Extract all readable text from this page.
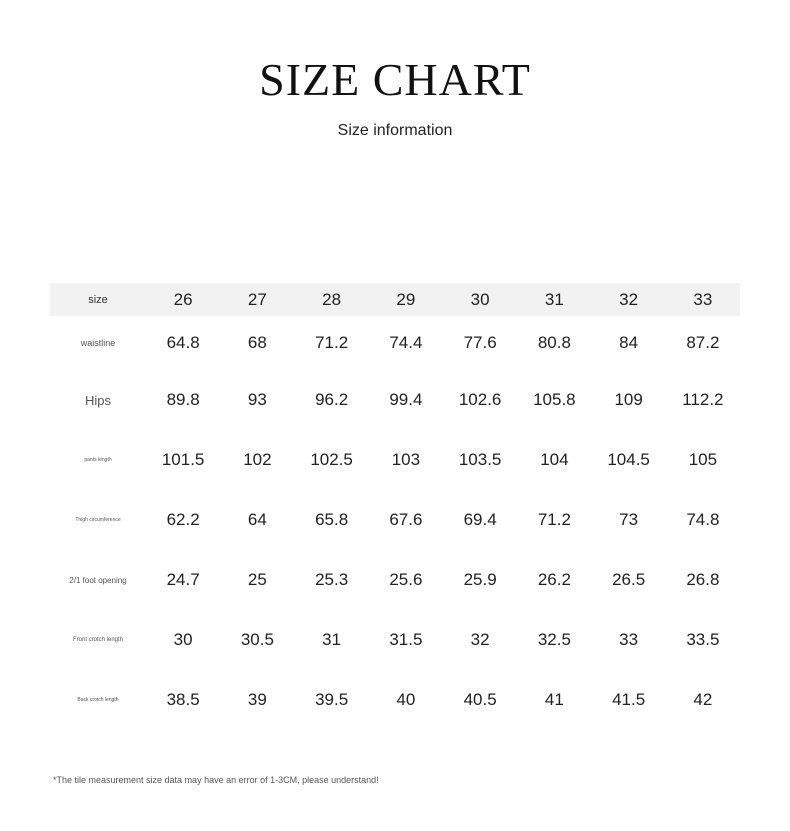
SIZE CHART
Size information
size	26	27	28	29	30	31	32	33
waistline	64.8	68	71.2	74.4	77.6	80.8	84	87.2
Hips	89.8	93	96.2	99.4	102.6	105.8	109	112.2
pants length	101.5	102	102.5	103	103.5	104	104.5	105
Thigh circumference	62.2	64	65.8	67.6	69.4	71.2	73	74.8
2/1 foot opening	24.7	25	25.3	25.6	25.9	26.2	26.5	26.8
Front crotch length	30	30.5	31	31.5	32	32.5	33	33.5
Back crotch length	38.5	39	39.5	40	40.5	41	41.5	42
*The tile measurement size data may have an error of 1-3CM, please understand!
